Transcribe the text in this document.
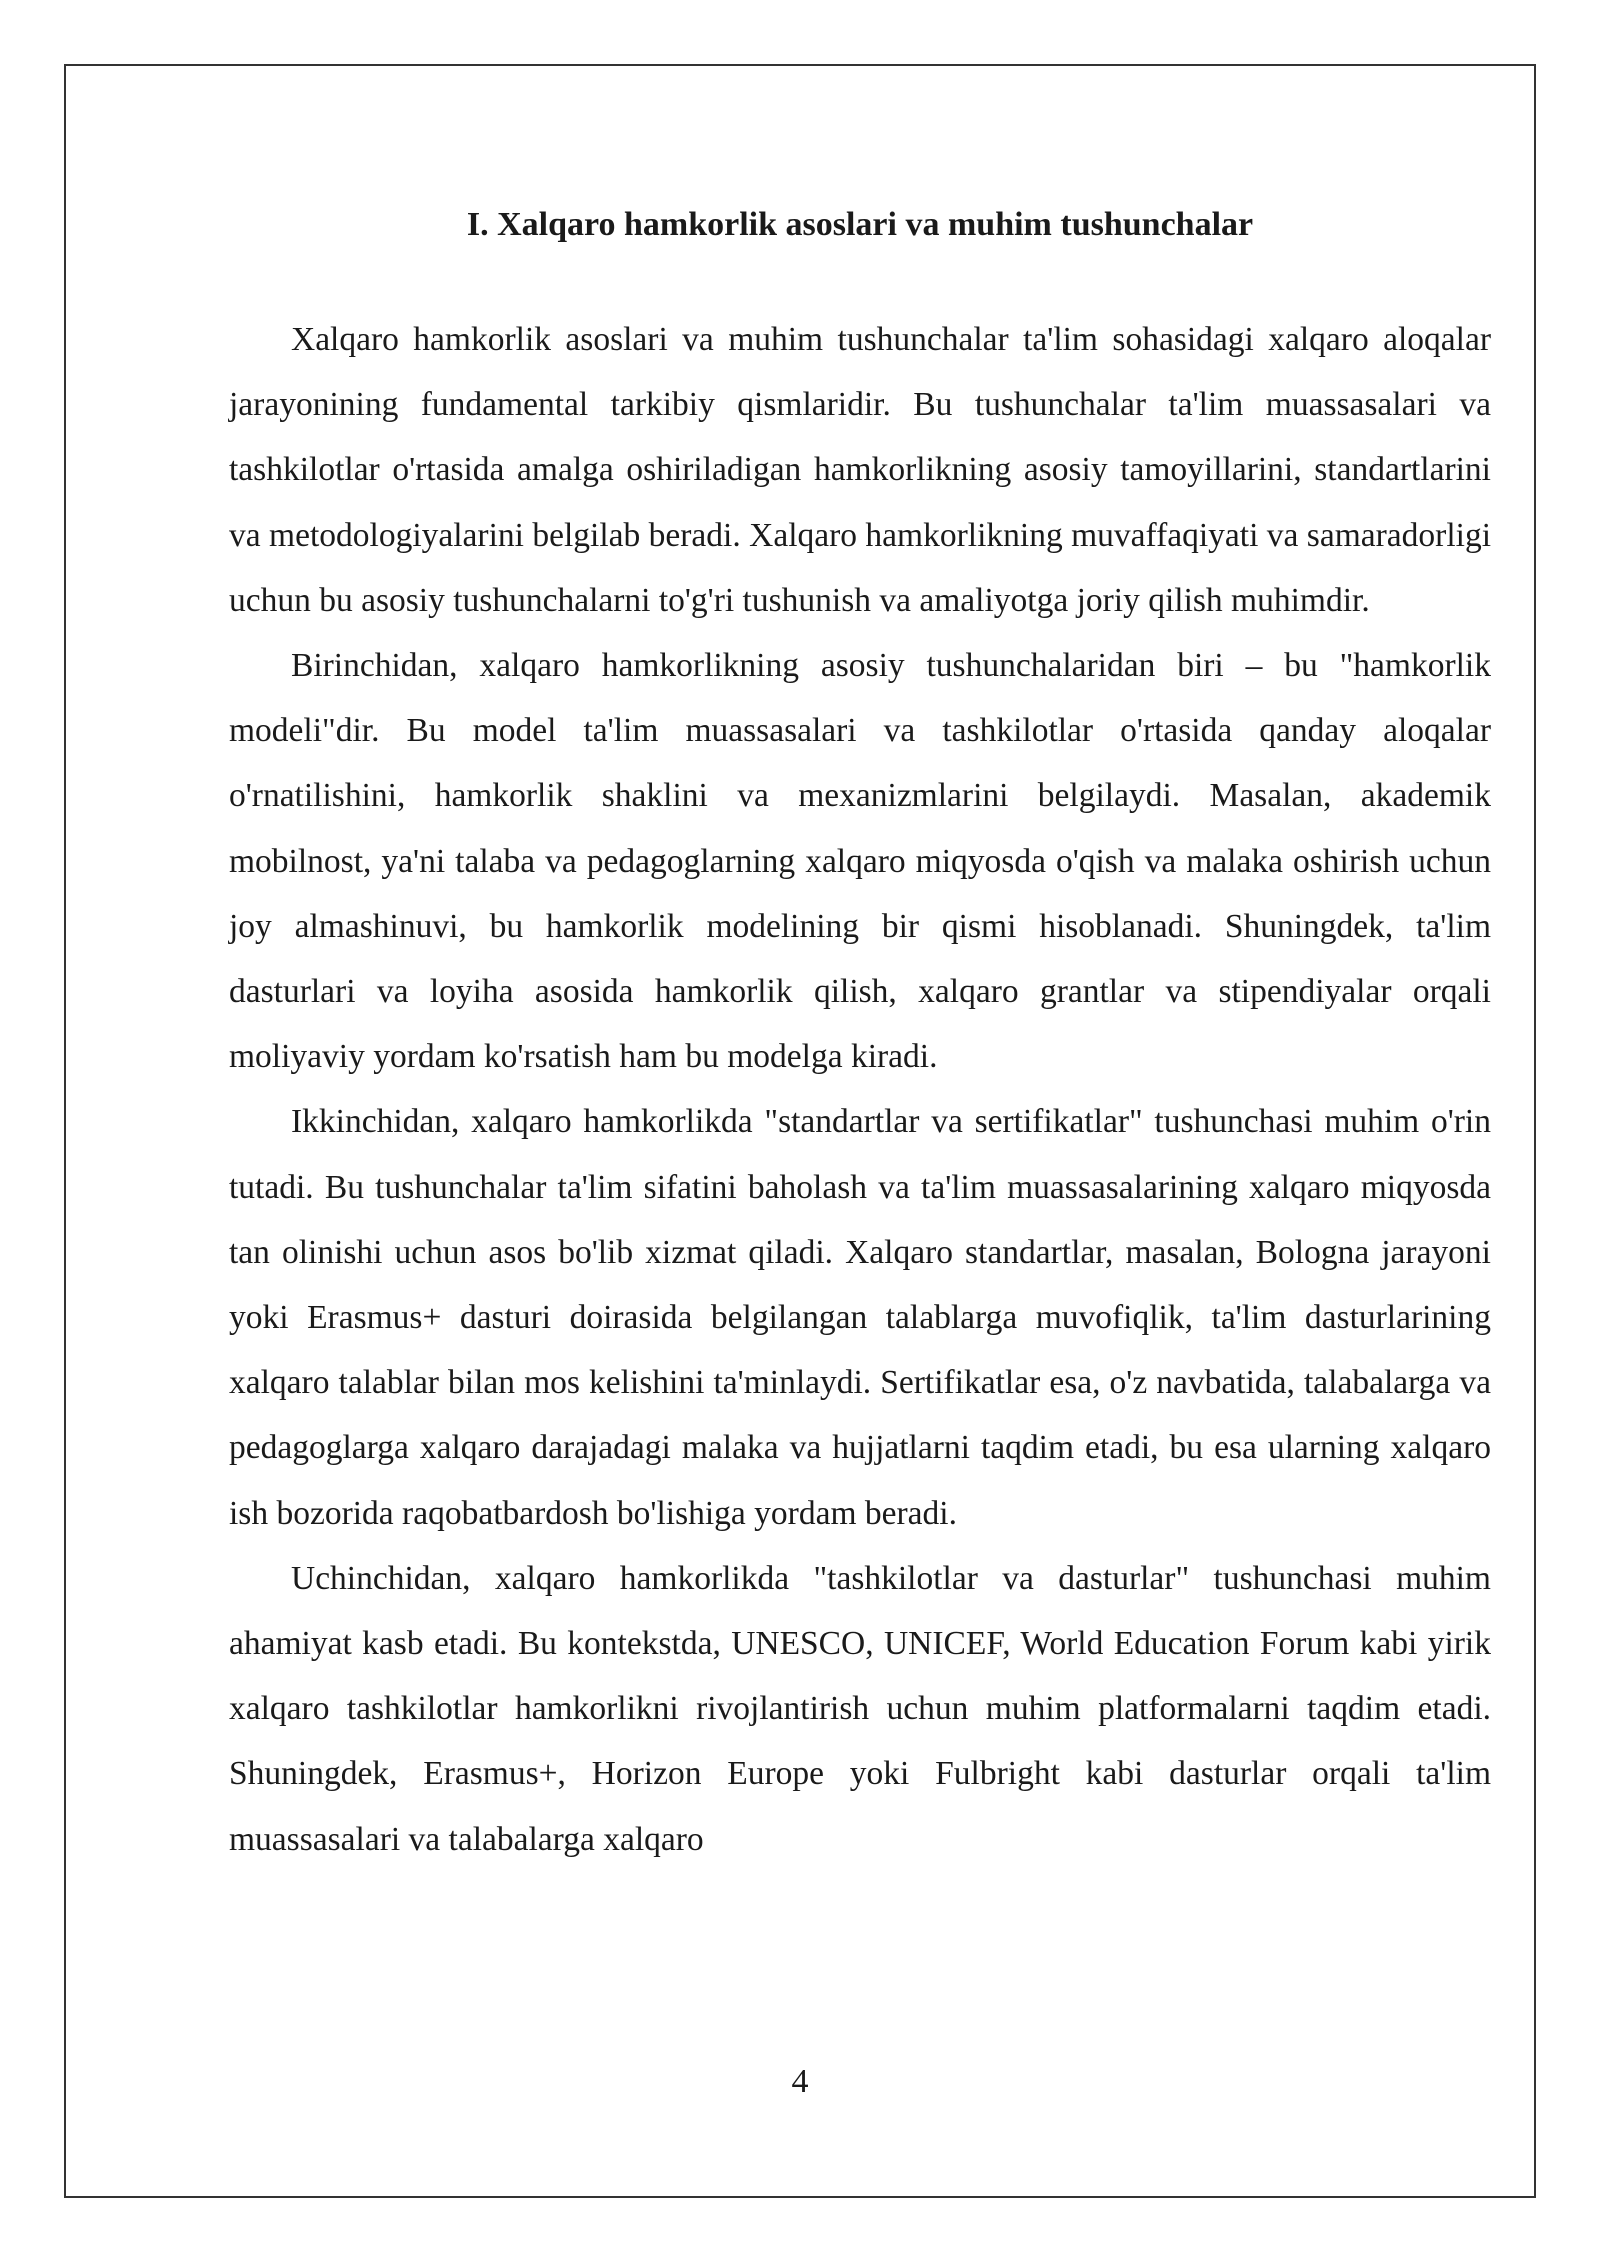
I. Xalqaro hamkorlik asoslari va muhim tushunchalar

Xalqaro hamkorlik asoslari va muhim tushunchalar ta'lim sohasidagi xalqaro aloqalar jarayonining fundamental tarkibiy qismlaridir. Bu tushunchalar ta'lim muassasalari va tashkilotlar o'rtasida amalga oshiriladigan hamkorlikning asosiy tamoyillarini, standartlarini va metodologiyalarini belgilab beradi. Xalqaro hamkorlikning muvaffaqiyati va samaradorligi uchun bu asosiy tushunchalarni to'g'ri tushunish va amaliyotga joriy qilish muhimdir.

Birinchidan, xalqaro hamkorlikning asosiy tushunchalaridan biri – bu "hamkorlik modeli"dir. Bu model ta'lim muassasalari va tashkilotlar o'rtasida qanday aloqalar o'rnatilishini, hamkorlik shaklini va mexanizmlarini belgilaydi. Masalan, akademik mobilnost, ya'ni talaba va pedagoglarning xalqaro miqyosda o'qish va malaka oshirish uchun joy almashinuvi, bu hamkorlik modelining bir qismi hisoblanadi. Shuningdek, ta'lim dasturlari va loyiha asosida hamkorlik qilish, xalqaro grantlar va stipendiyalar orqali moliyaviy yordam ko'rsatish ham bu modelga kiradi.

Ikkinchidan, xalqaro hamkorlikda "standartlar va sertifikatlar" tushunchasi muhim o'rin tutadi. Bu tushunchalar ta'lim sifatini baholash va ta'lim muassasalarining xalqaro miqyosda tan olinishi uchun asos bo'lib xizmat qiladi. Xalqaro standartlar, masalan, Bologna jarayoni yoki Erasmus+ dasturi doirasida belgilangan talablarga muvofiqlik, ta'lim dasturlarining xalqaro talablar bilan mos kelishini ta'minlaydi. Sertifikatlar esa, o'z navbatida, talabalarga va pedagoglarga xalqaro darajadagi malaka va hujjatlarni taqdim etadi, bu esa ularning xalqaro ish bozorida raqobatbardosh bo'lishiga yordam beradi.

Uchinchidan, xalqaro hamkorlikda "tashkilotlar va dasturlar" tushunchasi muhim ahamiyat kasb etadi. Bu kontekstda, UNESCO, UNICEF, World Education Forum kabi yirik xalqaro tashkilotlar hamkorlikni rivojlantirish uchun muhim platformalarni taqdim etadi. Shuningdek, Erasmus+, Horizon Europe yoki Fulbright kabi dasturlar orqali ta'lim muassasalari va talabalarga xalqaro

4
